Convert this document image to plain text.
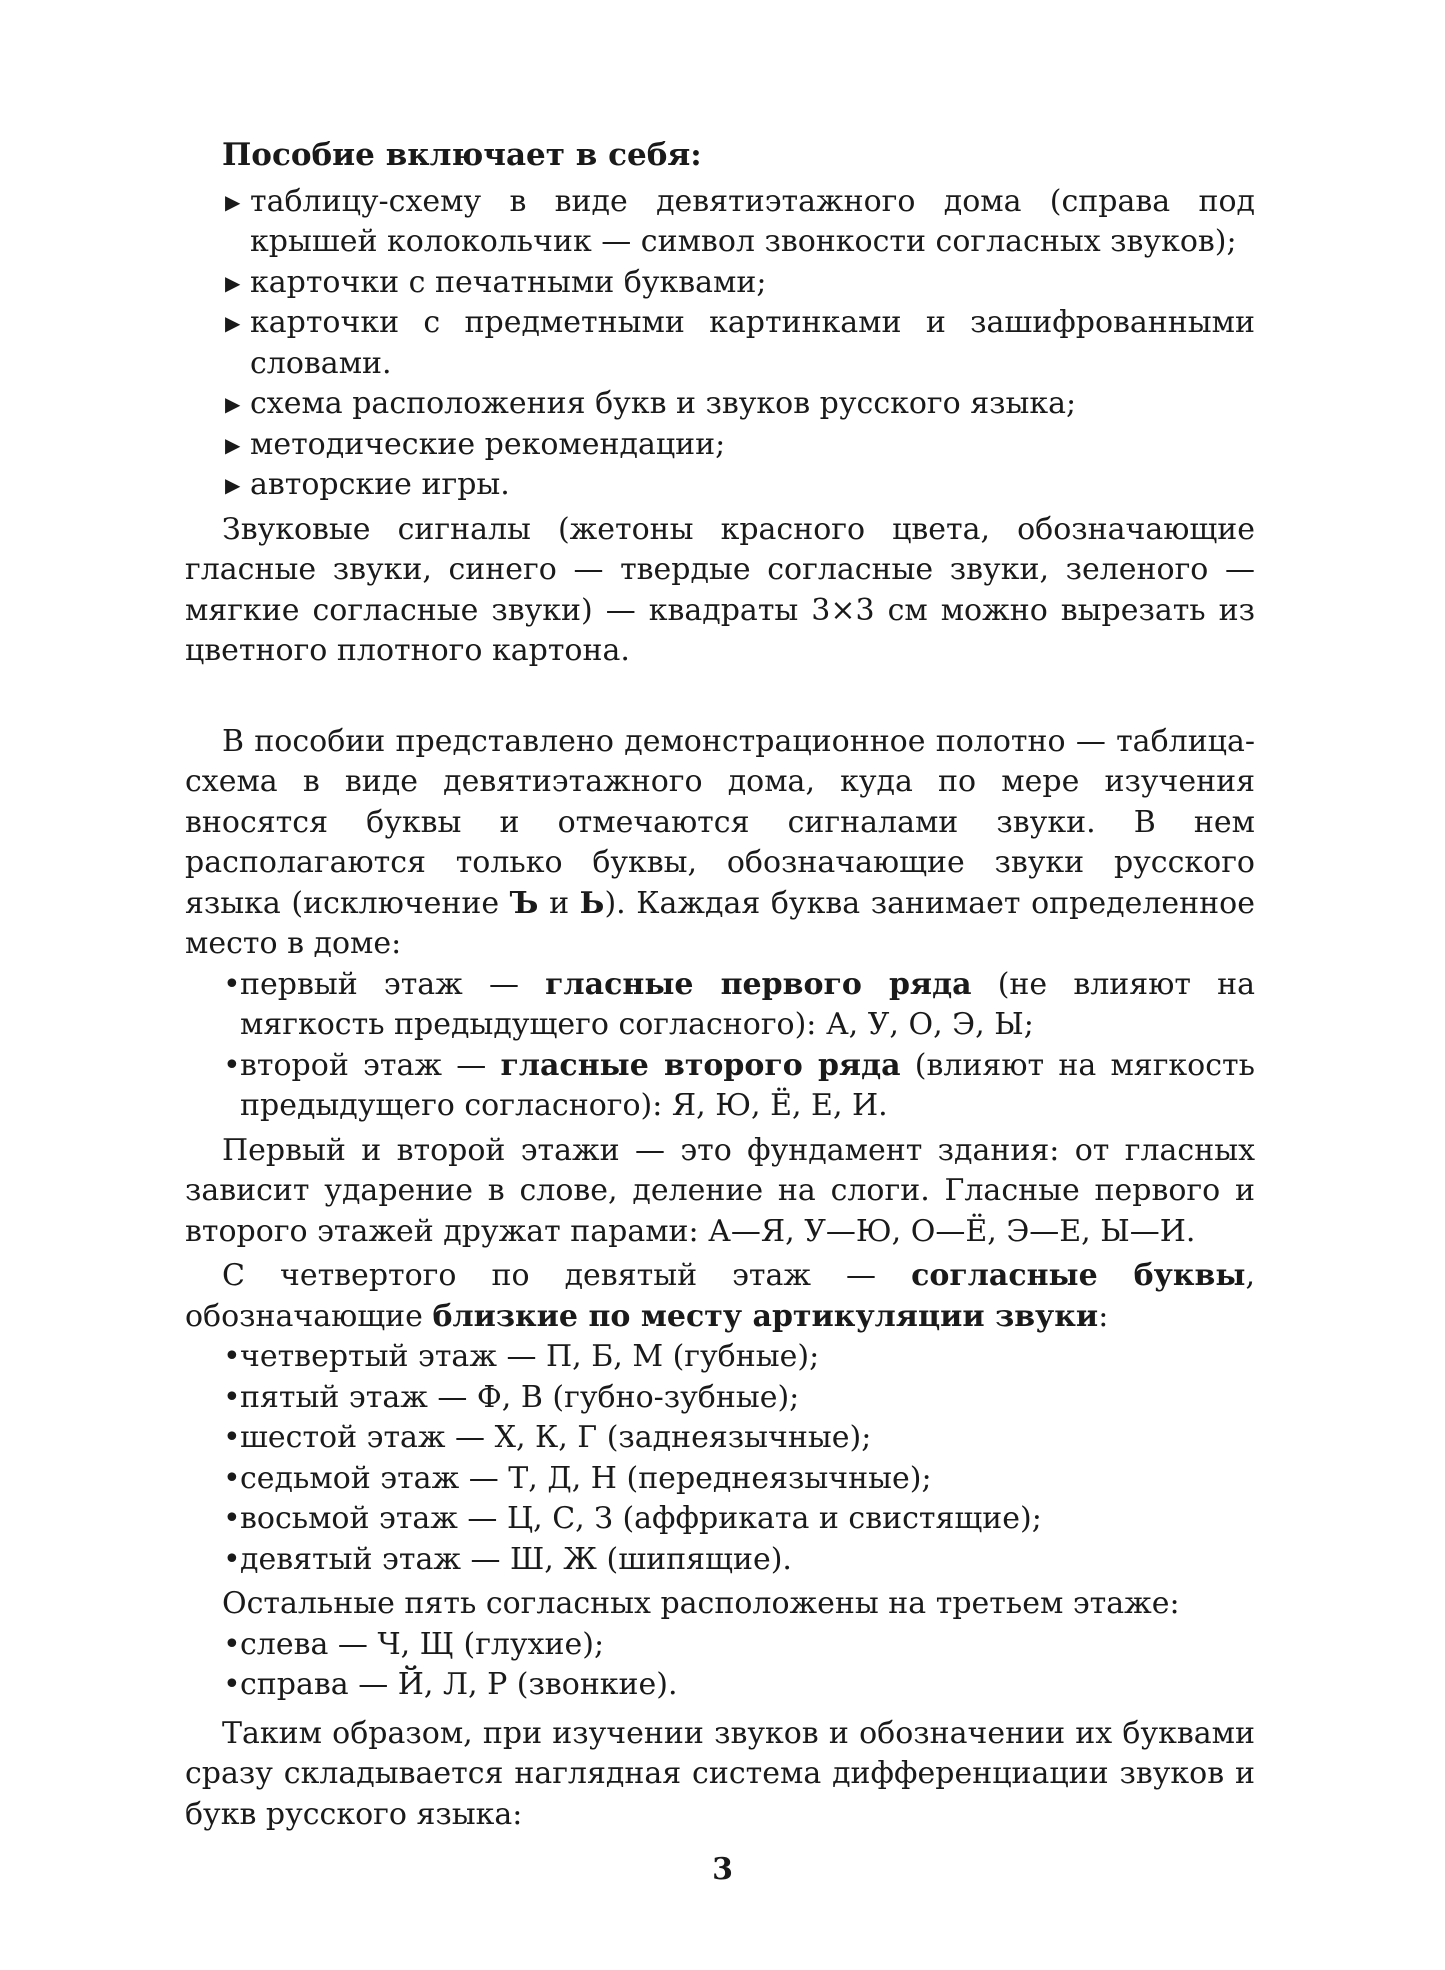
Пособие включает в себя:
▶ таблицу-схему в виде девятиэтажного дома (справа под крышей колокольчик — символ звонкости согласных звуков);
▶ карточки с печатными буквами;
▶ карточки с предметными картинками и зашифрованными словами.
▶ схема расположения букв и звуков русского языка;
▶ методические рекомендации;
▶ авторские игры.

Звуковые сигналы (жетоны красного цвета, обозначающие гласные звуки, синего — твердые согласные звуки, зеленого — мягкие согласные звуки) — квадраты 3×3 см можно вырезать из цветного плотного картона.

В пособии представлено демонстрационное полотно — таблица-схема в виде девятиэтажного дома, куда по мере изучения вносятся буквы и отмечаются сигналами звуки. В нем располагаются только буквы, обозначающие звуки русского языка (исключение Ъ и Ь). Каждая буква занимает определенное место в доме:

• первый этаж — гласные первого ряда (не влияют на мягкость предыдущего согласного): А, У, О, Э, Ы;
• второй этаж — гласные второго ряда (влияют на мягкость предыдущего согласного): Я, Ю, Ё, Е, И.

Первый и второй этажи — это фундамент здания: от гласных зависит ударение в слове, деление на слоги. Гласные первого и второго этажей дружат парами: А—Я, У—Ю, О—Ё, Э—Е, Ы—И.

С четвертого по девятый этаж — согласные буквы, обозначающие близкие по месту артикуляции звуки:

• четвертый этаж — П, Б, М (губные);
• пятый этаж — Ф, В (губно-зубные);
• шестой этаж — Х, К, Г (заднеязычные);
• седьмой этаж — Т, Д, Н (переднеязычные);
• восьмой этаж — Ц, С, З (аффриката и свистящие);
• девятый этаж — Ш, Ж (шипящие).

Остальные пять согласных расположены на третьем этаже:

• слева — Ч, Щ (глухие);
• справа — Й, Л, Р (звонкие).

Таким образом, при изучении звуков и обозначении их буквами сразу складывается наглядная система дифференциации звуков и букв русского языка:

3
